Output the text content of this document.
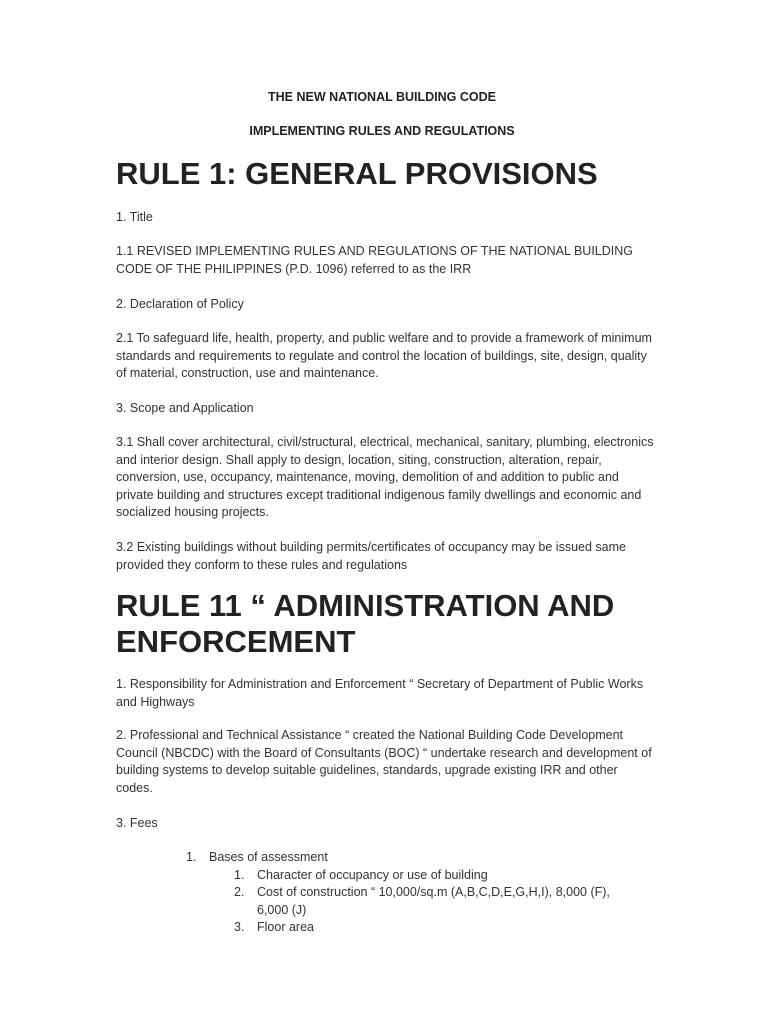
THE NEW NATIONAL BUILDING CODE

IMPLEMENTING RULES AND REGULATIONS

RULE 1: GENERAL PROVISIONS

1. Title

1.1 REVISED IMPLEMENTING RULES AND REGULATIONS OF THE NATIONAL BUILDING CODE OF THE PHILIPPINES (P.D. 1096) referred to as the IRR

2. Declaration of Policy

2.1 To safeguard life, health, property, and public welfare and to provide a framework of minimum standards and requirements to regulate and control the location of buildings, site, design, quality of material, construction, use and maintenance.

3. Scope and Application

3.1 Shall cover architectural, civil/structural, electrical, mechanical, sanitary, plumbing, electronics and interior design. Shall apply to design, location, siting, construction, alteration, repair, conversion, use, occupancy, maintenance, moving, demolition of and addition to public and private building and structures except traditional indigenous family dwellings and economic and socialized housing projects.

3.2 Existing buildings without building permits/certificates of occupancy may be issued same provided they conform to these rules and regulations

RULE 11 “ ADMINISTRATION AND ENFORCEMENT

1. Responsibility for Administration and Enforcement “ Secretary of Department of Public Works and Highways

2. Professional and Technical Assistance “ created the National Building Code Development Council (NBCDC) with the Board of Consultants (BOC) “ undertake research and development of building systems to develop suitable guidelines, standards, upgrade existing IRR and other codes.

3. Fees

1. Bases of assessment
1. Character of occupancy or use of building
2. Cost of construction “ 10,000/sq.m (A,B,C,D,E,G,H,I), 8,000 (F),
6,000 (J)
3. Floor area
